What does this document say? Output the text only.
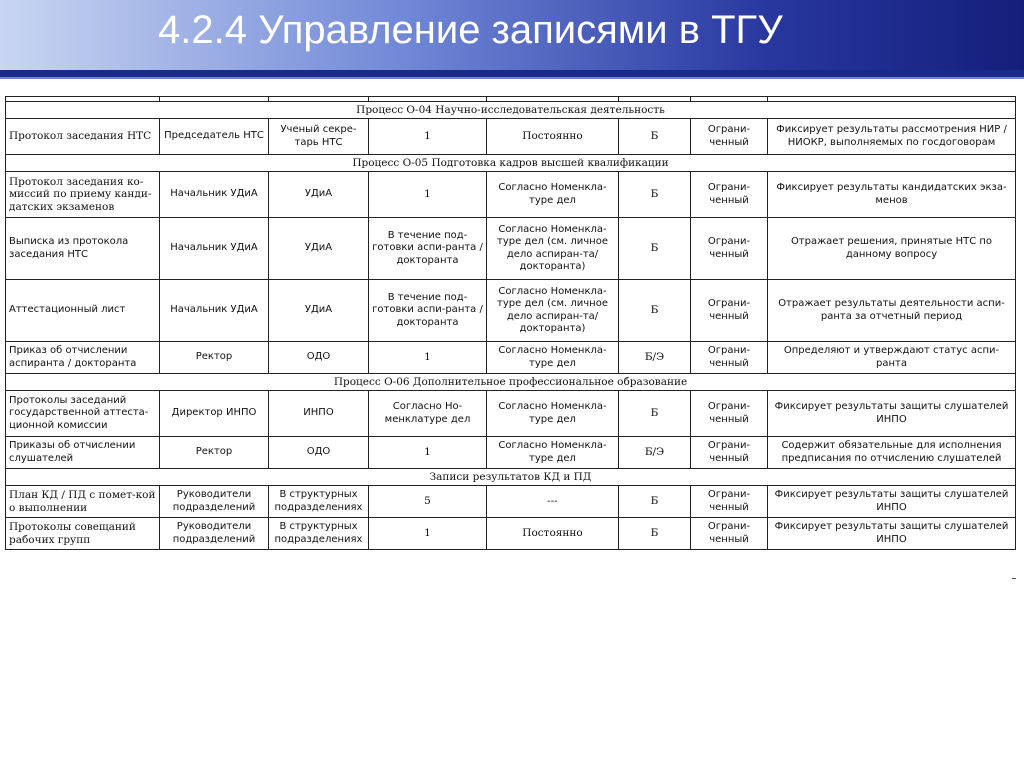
4.2.4 Управление записями в ТГУ

Процесс О-04 Научно-исследовательская деятельность							
Протокол заседания НТС	Председатель НТС	Ученый секре-тарь НТС	1	Постоянно	Б	Ограни-ченный	Фиксирует результаты рассмотрения НИР /НИОКР, выполняемых по госдоговорам
Процесс О-05 Подготовка кадров высшей квалификации							
Протокол заседания ко-миссий по приему канди-датских экзаменов	Начальник УДиА	УДиА	1	Согласно Номенкла-туре дел	Б	Ограни-ченный	Фиксирует результаты кандидатских экза-менов
Выписка из протокола заседания НТС	Начальник УДиА	УДиА	В течение под-готовки аспи-ранта /докторанта	Согласно Номенкла-туре дел (см. личное дело аспиран-та/докторанта)	Б	Ограни-ченный	Отражает решения, принятые НТС по данному вопросу
Аттестационный лист	Начальник УДиА	УДиА	В течение под-готовки аспи-ранта /докторанта	Согласно Номенкла-туре дел (см. личное дело аспиран-та/докторанта)	Б	Ограни-ченный	Отражает результаты деятельности аспи-ранта за отчетный период
Приказ об отчислении аспиранта / докторанта	Ректор	ОДО	1	Согласно Номенкла-туре дел	Б/Э	Ограни-ченный	Определяют и утверждают статус аспи-ранта
Процесс О-06 Дополнительное профессиональное образование							
Протоколы заседаний государственной аттеста-ционной комиссии	Директор ИНПО	ИНПО	Согласно Но-менклатуре дел	Согласно Номенкла-туре дел	Б	Ограни-ченный	Фиксирует результаты защиты слушателей ИНПО
Приказы об отчислении слушателей	Ректор	ОДО	1	Согласно Номенкла-туре дел	Б/Э	Ограни-ченный	Содержит обязательные для исполнения предписания по отчислению слушателей
Записи результатов КД и ПД							
План КД / ПД с помет-кой о выполнении	Руководители подразделений	В структурных подразделениях	5	---	Б	Ограни-ченный	Фиксирует результаты защиты слушателей ИНПО
Протоколы совещаний рабочих групп	Руководители подразделений	В структурных подразделениях	1	Постоянно	Б	Ограни-ченный	Фиксирует результаты защиты слушателей ИНПО
